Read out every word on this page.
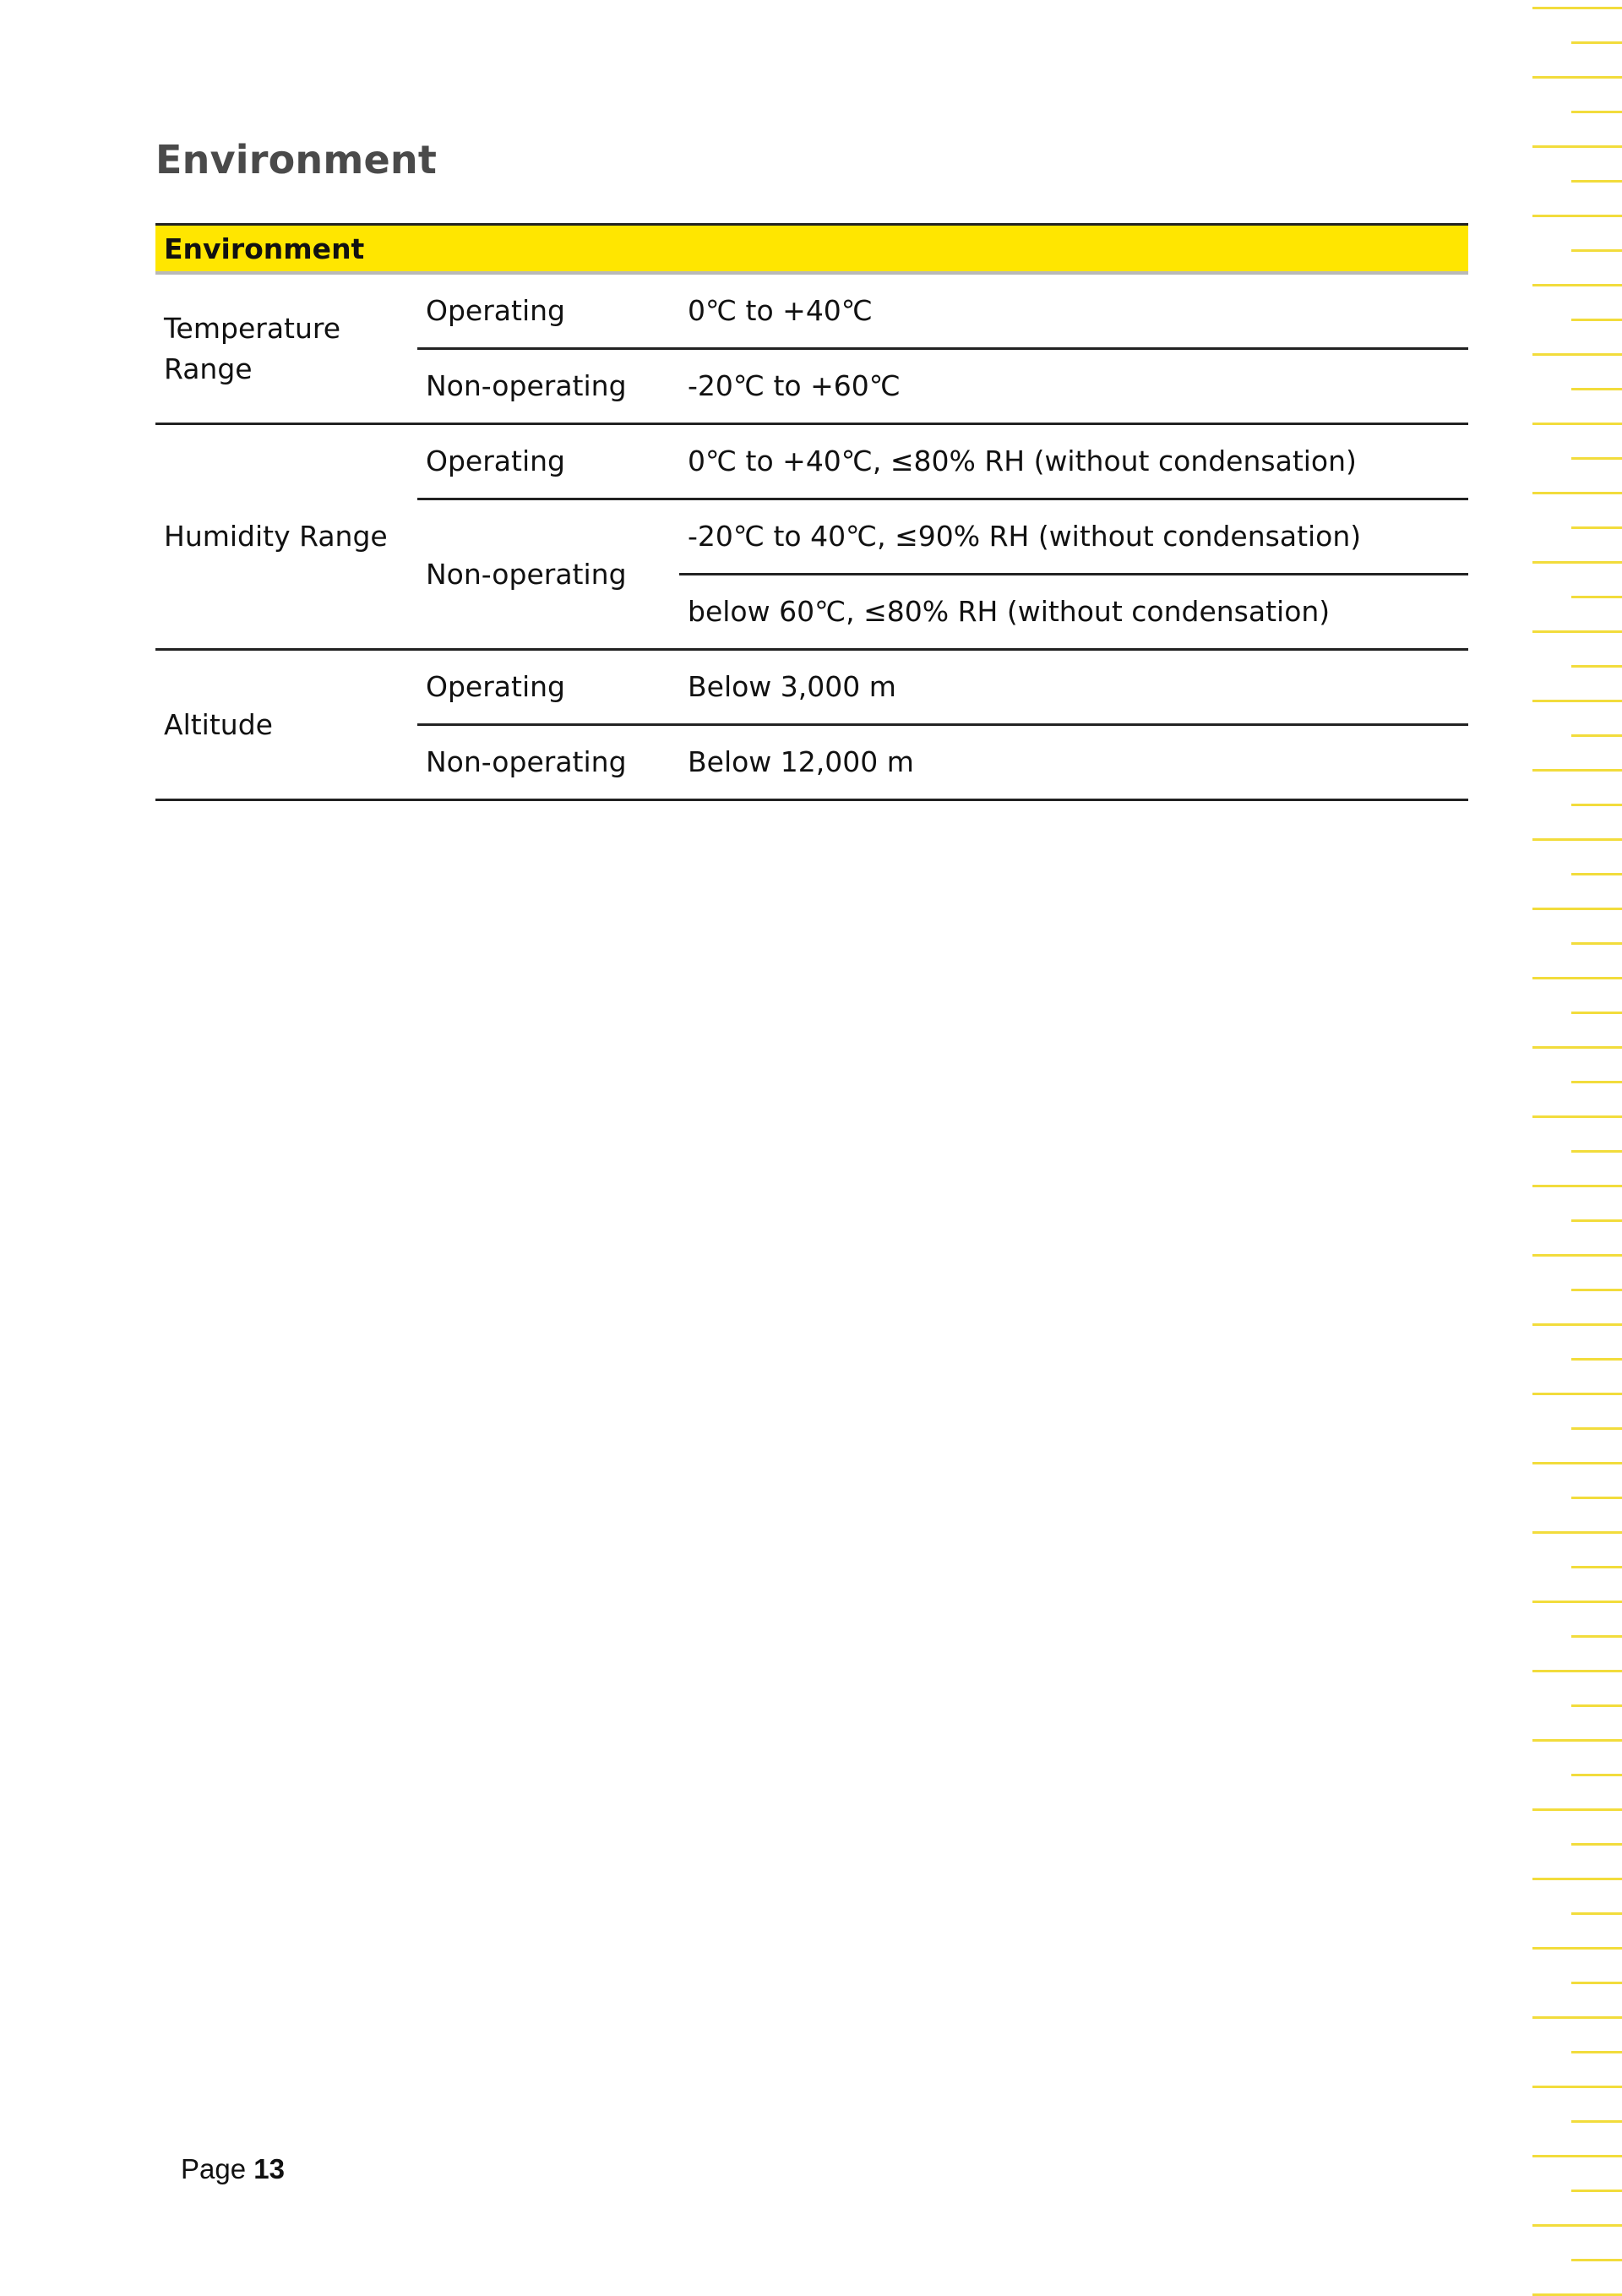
Environment
Environment		
Temperature Range	Operating	0℃ to +40℃
	Non-operating	-20℃ to +60℃
Humidity Range	Operating	0℃ to +40℃, ≤80% RH (without condensation)
	Non-operating	-20℃ to 40℃, ≤90% RH (without condensation)
		below 60℃, ≤80% RH (without condensation)
Altitude	Operating	Below 3,000 m
	Non-operating	Below 12,000 m
Page 13
